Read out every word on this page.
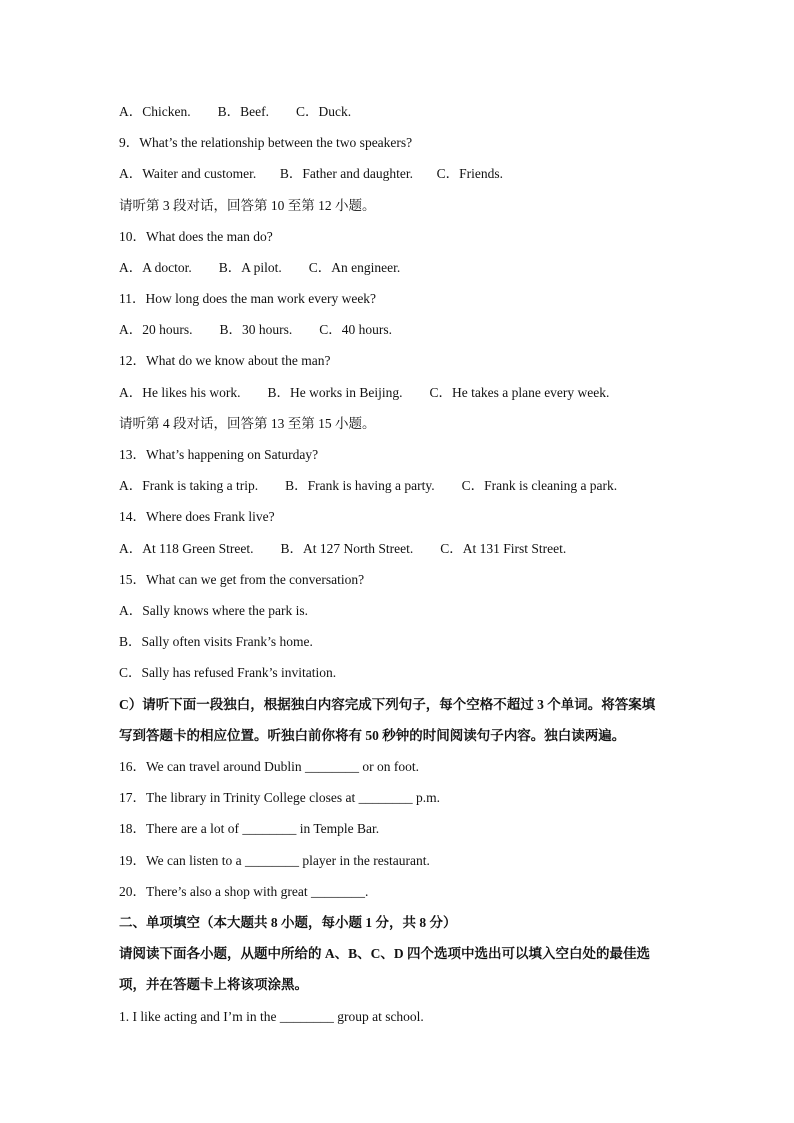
A．Chicken.        B．Beef.        C．Duck.
9．What’s the relationship between the two speakers?
A．Waiter and customer.       B．Father and daughter.       C．Friends.
请听第 3 段对话，回答第 10 至第 12 小题。
10．What does the man do?
A．A doctor.        B．A pilot.        C．An engineer.
11．How long does the man work every week?
A．20 hours.        B．30 hours.        C．40 hours.
12．What do we know about the man?
A．He likes his work.        B．He works in Beijing.        C．He takes a plane every week.
请听第 4 段对话，回答第 13 至第 15 小题。
13．What’s happening on Saturday?
A．Frank is taking a trip.        B．Frank is having a party.        C．Frank is cleaning a park.
14．Where does Frank live?
A．At 118 Green Street.        B．At 127 North Street.        C．At 131 First Street.
15．What can we get from the conversation?
A．Sally knows where the park is.
B．Sally often visits Frank’s home.
C．Sally has refused Frank’s invitation.
C）请听下面一段独白，根据独白内容完成下列句子，每个空格不超过 3 个单词。将答案填
写到答题卡的相应位置。听独白前你将有 50 秒钟的时间阅读句子内容。独白读两遍。
16．We can travel around Dublin ________ or on foot.
17．The library in Trinity College closes at ________ p.m.
18．There are a lot of ________ in Temple Bar.
19．We can listen to a ________ player in the restaurant.
20．There’s also a shop with great ________.
二、单项填空（本大题共 8 小题，每小题 1 分，共 8 分）
请阅读下面各小题，从题中所给的 A、B、C、D 四个选项中选出可以填入空白处的最佳选
项，并在答题卡上将该项涂黑。
1. I like acting and I’m in the ________ group at school.
